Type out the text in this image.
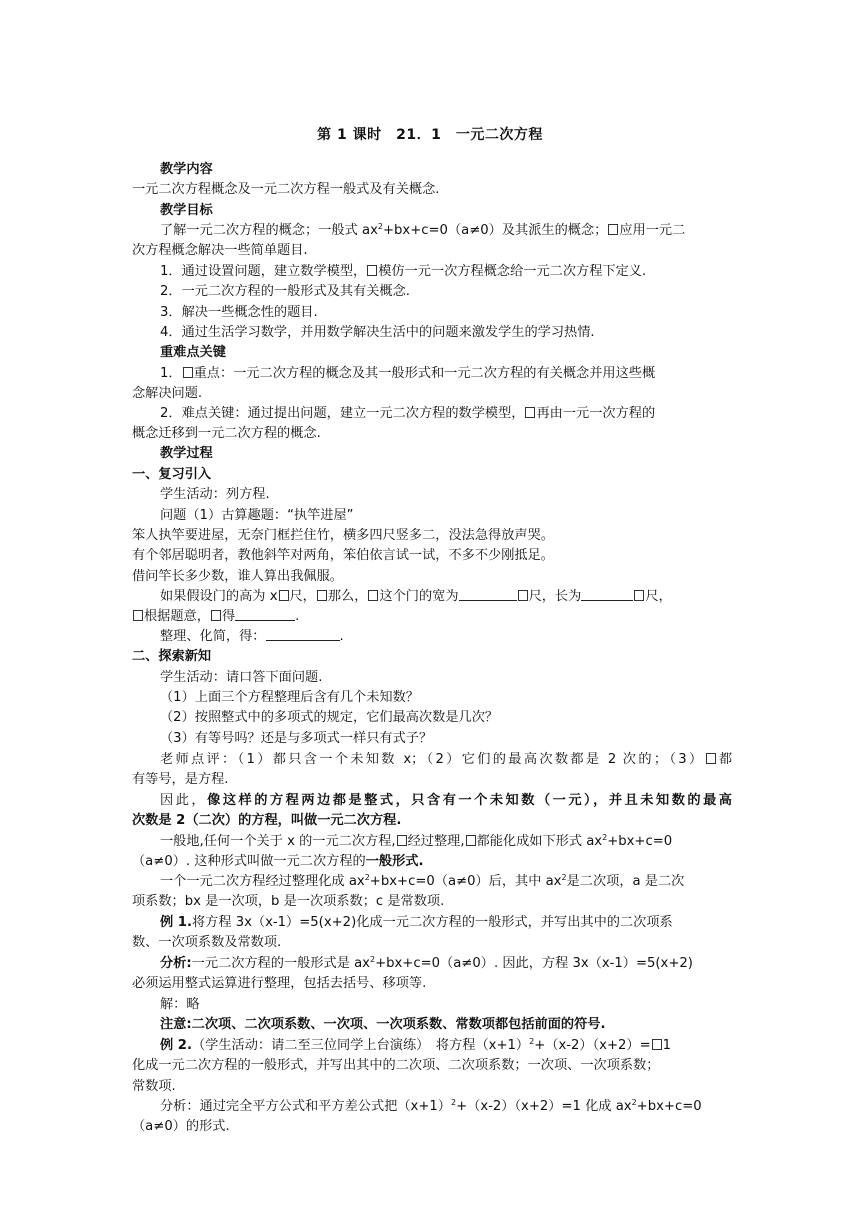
第 1 课时　21．1　一元二次方程
教学内容
一元二次方程概念及一元二次方程一般式及有关概念.
教学目标
了解一元二次方程的概念；一般式 $ax^2+bx+c=0(a\ne 0)$及其派生的概念； 应用一元二
次方程概念解决一些简单题目.
1．通过设置问题，建立数学模型， 模仿一元一次方程概念给一元二次方程下定义.
2．一元二次方程的一般形式及其有关概念.
3．解决一些概念性的题目.
4．通过生活学习数学，并用数学解决生活中的问题来激发学生的学习热情.
重难点关键
1． 重点：一元二次方程的概念及其一般形式和一元二次方程的有关概念并用这些概
念解决问题.
2．难点关键：通过提出问题，建立一元二次方程的数学模型， 再由一元一次方程的
概念迁移到一元二次方程的概念.
教学过程
一、复习引入
学生活动：列方程.
问题（1）古算趣题：“执竿进屋”
笨人执竿要进屋，无奈门框拦住竹，横多四尺竖多二，没法急得放声哭。
有个邻居聪明者，教他斜竿对两角，笨伯依言试一试，不多不少刚抵足。
借问竿长多少数，谁人算出我佩服。
如果假设门的高为 x 尺， 那么， 这个门的宽为	尺，长为	尺，
根据题意， 得	.
整理、化简，得：	.
二、探索新知
学生活动：请口答下面问题.
（1）上面三个方程整理后含有几个未知数？
（2）按照整式中的多项式的规定，它们最高次数是几次？
（3）有等号吗？还是与多项式一样只有式子？
老师点评：（1）都只含一个未知数 x；（2）它们的最高次数都是 2 次的；（3） 都
有等号，是方程.
因此，像这样的方程两边都是整式，只含有一个未知数（一元），并且未知数的最高
次数是 2（二次）的方程，叫做一元二次方程.
一般地,任何一个关于 x 的一元二次方程, 经过整理, 都能化成如下形式 $ax^2+bx+c=0$
（a≠0）. 这种形式叫做一元二次方程的一般形式.
一个一元二次方程经过整理化成 $ax^2+bx+c=0(a\ne 0)$后，其中 $ax^2$是二次项，a 是二次
项系数；bx 是一次项，b 是一次项系数；c 是常数项.
例 1.将方程 3x（x-1）=5(x+2)化成一元二次方程的一般形式，并写出其中的二次项系
数、一次项系数及常数项.
分析:一元二次方程的一般形式是 $ax^2+bx+c=0(a\ne 0)$. 因此，方程 3x（x-1）=5(x+2)
必须运用整式运算进行整理，包括去括号、移项等.
解：略
注意:二次项、二次项系数、一次项、一次项系数、常数项都包括前面的符号.
例 2.（学生活动：请二至三位同学上台演练）　将方程$(x+1)^2+(x-2)(x+2)= 1$
化成一元二次方程的一般形式，并写出其中的二次项、二次项系数；一次项、一次项系数；
常数项.
分析：通过完全平方公式和平方差公式把$(x+1)^2+(x-2)(x+2)=1$ 化成 $ax^2+bx+c=0$
（a≠0）的形式.
